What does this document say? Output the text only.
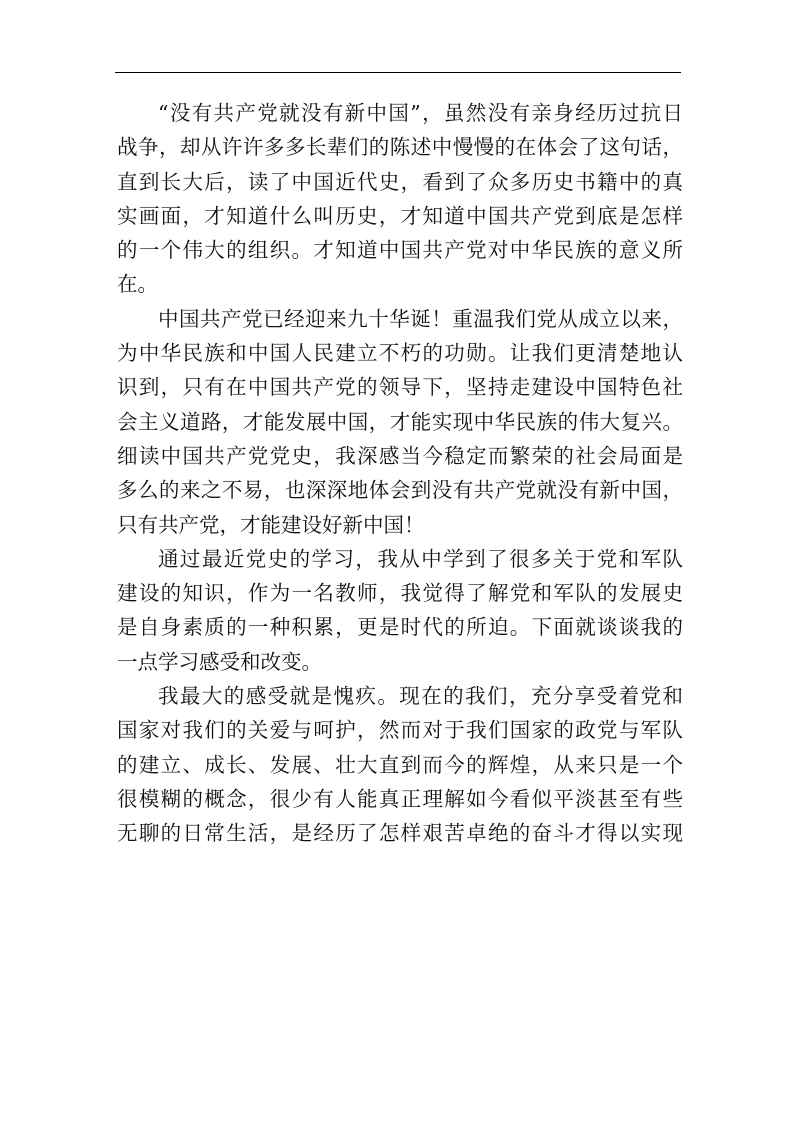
“没有共产党就没有新中国”，虽然没有亲身经历过抗日
战争，却从许许多多长辈们的陈述中慢慢的在体会了这句话，
直到长大后，读了中国近代史，看到了众多历史书籍中的真
实画面，才知道什么叫历史，才知道中国共产党到底是怎样
的一个伟大的组织。才知道中国共产党对中华民族的意义所
在。
中国共产党已经迎来九十华诞！重温我们党从成立以来，
为中华民族和中国人民建立不朽的功勋。让我们更清楚地认
识到，只有在中国共产党的领导下，坚持走建设中国特色社
会主义道路，才能发展中国，才能实现中华民族的伟大复兴。
细读中国共产党党史，我深感当今稳定而繁荣的社会局面是
多么的来之不易，也深深地体会到没有共产党就没有新中国，
只有共产党，才能建设好新中国！
通过最近党史的学习，我从中学到了很多关于党和军队
建设的知识，作为一名教师，我觉得了解党和军队的发展史
是自身素质的一种积累，更是时代的所迫。下面就谈谈我的
一点学习感受和改变。
我最大的感受就是愧疚。现在的我们，充分享受着党和
国家对我们的关爱与呵护，然而对于我们国家的政党与军队
的建立、成长、发展、壮大直到而今的辉煌，从来只是一个
很模糊的概念，很少有人能真正理解如今看似平淡甚至有些
无聊的日常生活，是经历了怎样艰苦卓绝的奋斗才得以实现
